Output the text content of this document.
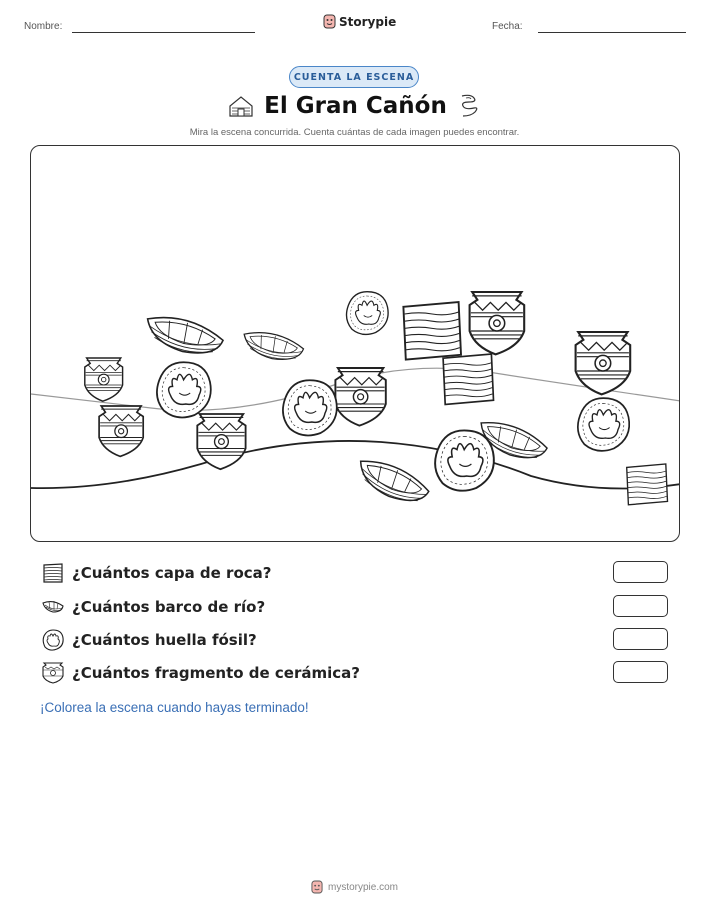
Nombre:	Storypie	Fecha:
CUENTA LA ESCENA
El Gran Cañón
Mira la escena concurrida. Cuenta cuántas de cada imagen puedes encontrar.
¿Cuántos capa de roca?
¿Cuántos barco de río?
¿Cuántos huella fósil?
¿Cuántos fragmento de cerámica?
¡Colorea la escena cuando hayas terminado!
mystorypie.com
